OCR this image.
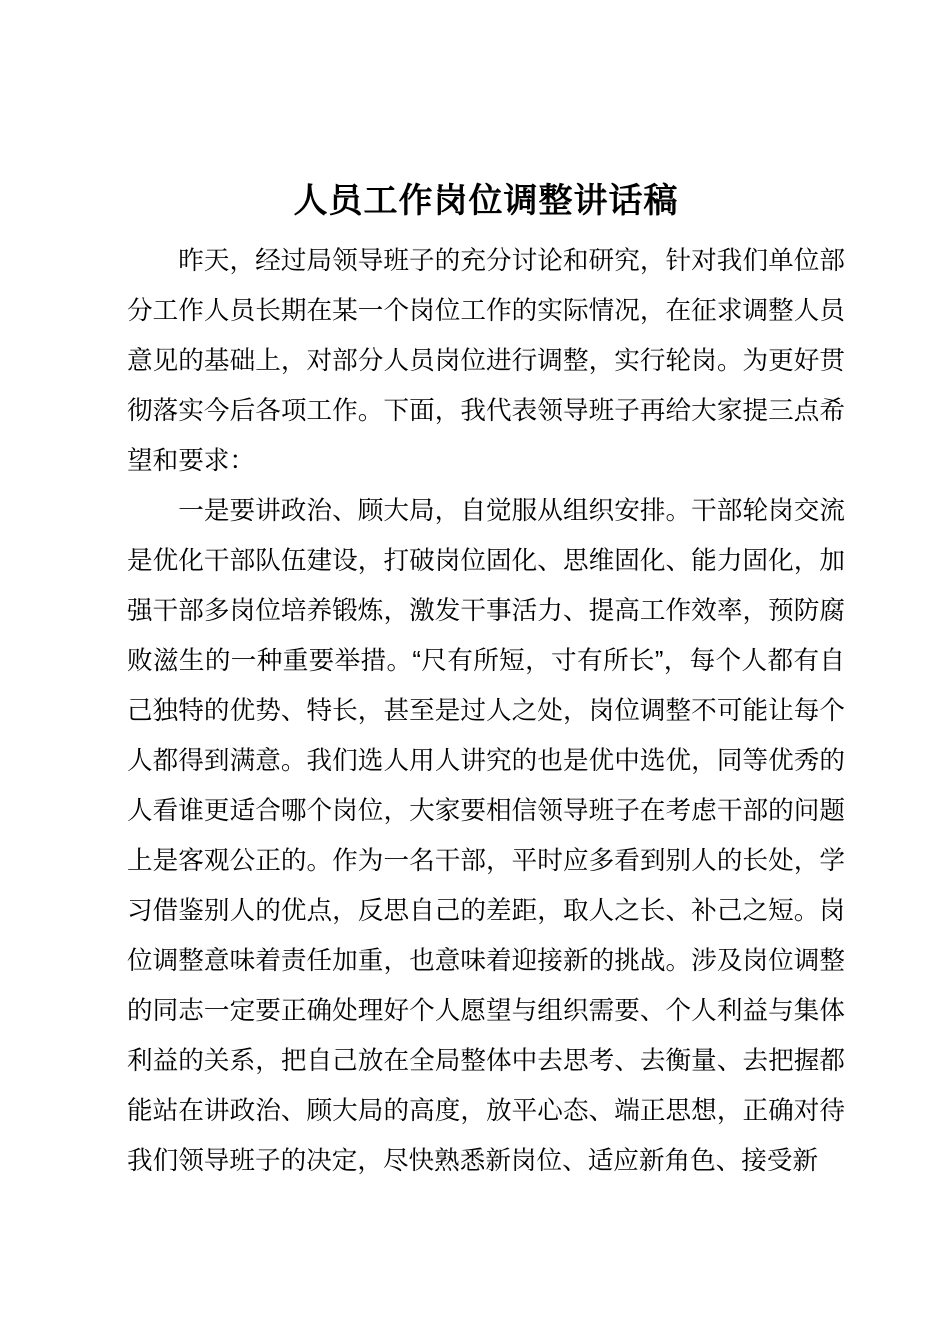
人员工作岗位调整讲话稿

昨天，经过局领导班子的充分讨论和研究，针对我们单位部分工作人员长期在某一个岗位工作的实际情况，在征求调整人员意见的基础上，对部分人员岗位进行调整，实行轮岗。为更好贯彻落实今后各项工作。下面，我代表领导班子再给大家提三点希望和要求：

一是要讲政治、顾大局，自觉服从组织安排。干部轮岗交流是优化干部队伍建设，打破岗位固化、思维固化、能力固化，加强干部多岗位培养锻炼，激发干事活力、提高工作效率，预防腐败滋生的一种重要举措。“尺有所短，寸有所长”，每个人都有自己独特的优势、特长，甚至是过人之处，岗位调整不可能让每个人都得到满意。我们选人用人讲究的也是优中选优，同等优秀的人看谁更适合哪个岗位，大家要相信领导班子在考虑干部的问题上是客观公正的。作为一名干部，平时应多看到别人的长处，学习借鉴别人的优点，反思自己的差距，取人之长、补己之短。岗位调整意味着责任加重，也意味着迎接新的挑战。涉及岗位调整的同志一定要正确处理好个人愿望与组织需要、个人利益与集体利益的关系，把自己放在全局整体中去思考、去衡量、去把握都能站在讲政治、顾大局的高度，放平心态、端正思想，正确对待我们领导班子的决定，尽快熟悉新岗位、适应新角色、接受新
